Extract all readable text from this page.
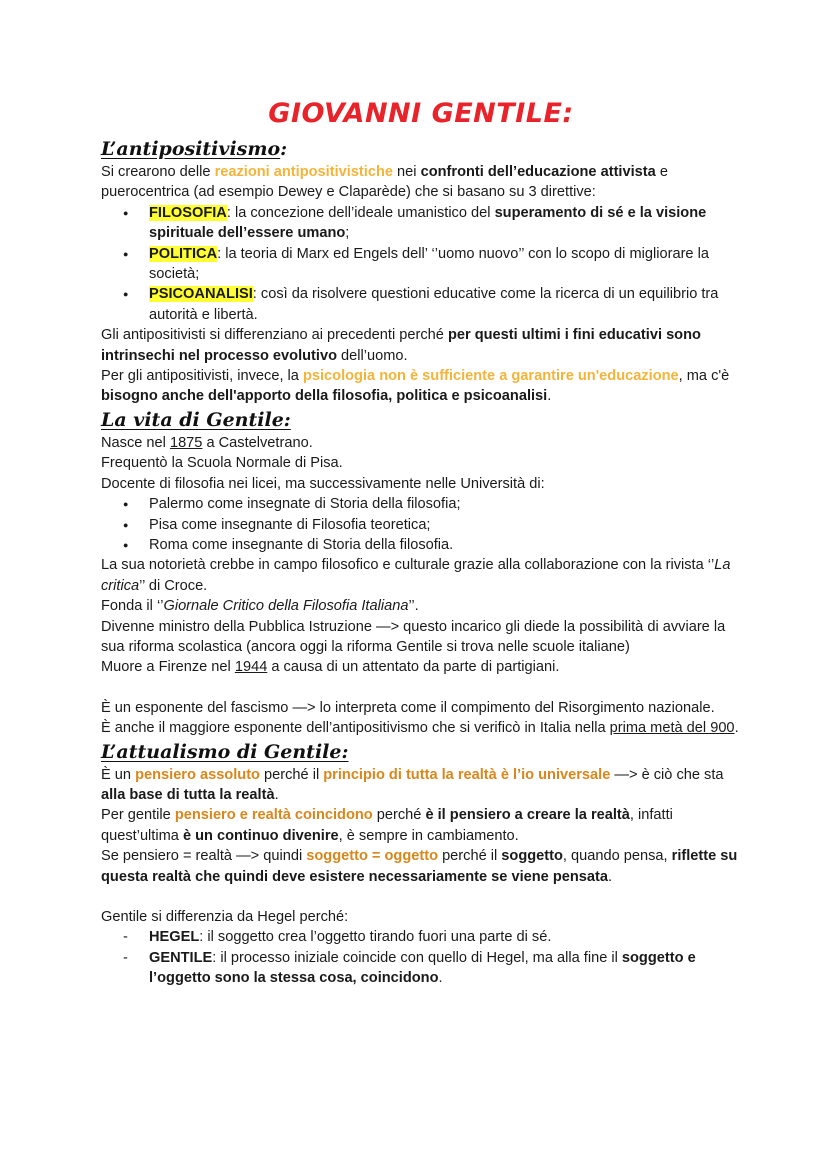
GIOVANNI GENTILE:
L’antipositivismo:

Si crearono delle reazioni antipositivistiche nei confronti dell’educazione attivista e puerocentrica (ad esempio Dewey e Claparède) che si basano su 3 direttive:

● FILOSOFIA: la concezione dell’ideale umanistico del superamento di sé e la visione spirituale dell’essere umano;
● POLITICA: la teoria di Marx ed Engels dell’ ‘’uomo nuovo’’ con lo scopo di migliorare la società;
● PSICOANALISI: così da risolvere questioni educative come la ricerca di un equilibrio tra autorità e libertà.

Gli antipositivisti si differenziano ai precedenti perché per questi ultimi i fini educativi sono intrinsechi nel processo evolutivo dell’uomo.

Per gli antipositivisti, invece, la psicologia non è sufficiente a garantire un'educazione, ma c'è bisogno anche dell'apporto della filosofia, politica e psicoanalisi.

La vita di Gentile:

Nasce nel 1875 a Castelvetrano.

Frequentò la Scuola Normale di Pisa.

Docente di filosofia nei licei, ma successivamente nelle Università di:

● Palermo come insegnate di Storia della filosofia;
● Pisa come insegnante di Filosofia teoretica;
● Roma come insegnante di Storia della filosofia.

La sua notorietà crebbe in campo filosofico e culturale grazie alla collaborazione con la rivista ‘’La critica’’ di Croce.

Fonda il ‘’Giornale Critico della Filosofia Italiana’’.

Divenne ministro della Pubblica Istruzione —> questo incarico gli diede la possibilità di avviare la sua riforma scolastica (ancora oggi la riforma Gentile si trova nelle scuole italiane)

Muore a Firenze nel 1944 a causa di un attentato da parte di partigiani.

È un esponente del fascismo —> lo interpreta come il compimento del Risorgimento nazionale.

È anche il maggiore esponente dell’antipositivismo che si verificò in Italia nella prima metà del 900.

L’attualismo di Gentile:

È un pensiero assoluto perché il principio di tutta la realtà è l’io universale —> è ciò che sta alla base di tutta la realtà.

Per gentile pensiero e realtà coincidono perché è il pensiero a creare la realtà, infatti quest’ultima è un continuo divenire, è sempre in cambiamento.

Se pensiero = realtà —> quindi soggetto = oggetto perché il soggetto, quando pensa, riflette su questa realtà che quindi deve esistere necessariamente se viene pensata.

Gentile si differenzia da Hegel perché:

- HEGEL: il soggetto crea l’oggetto tirando fuori una parte di sé.
- GENTILE: il processo iniziale coincide con quello di Hegel, ma alla fine il soggetto e l’oggetto sono la stessa cosa, coincidono.
